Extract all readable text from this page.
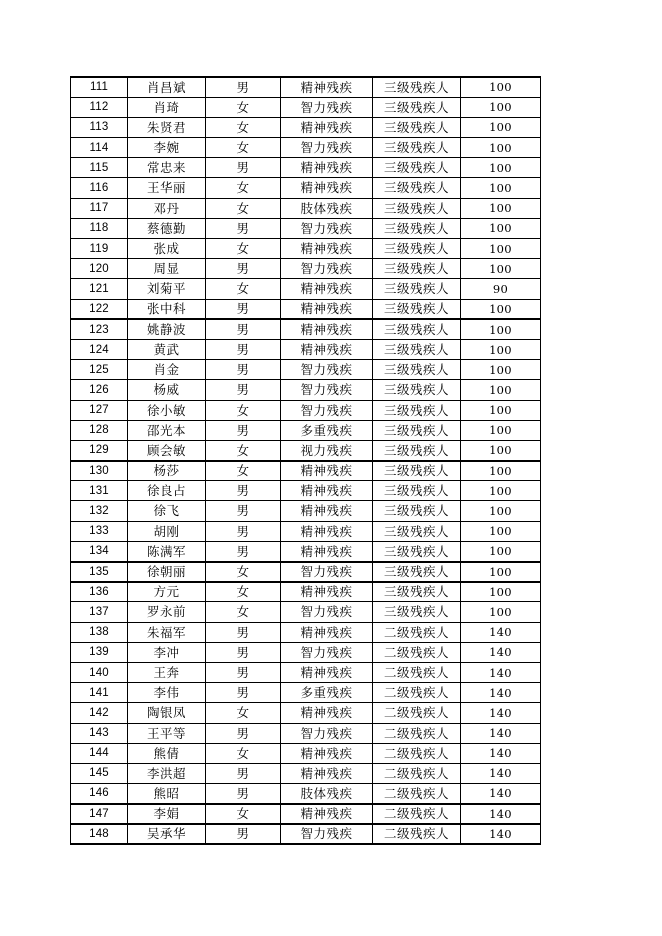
111	肖昌斌	男	精神残疾	三级残疾人	100
112	肖琦	女	智力残疾	三级残疾人	100
113	朱贤君	女	精神残疾	三级残疾人	100
114	李婉	女	智力残疾	三级残疾人	100
115	常忠来	男	精神残疾	三级残疾人	100
116	王华丽	女	精神残疾	三级残疾人	100
117	邓丹	女	肢体残疾	三级残疾人	100
118	蔡德勤	男	智力残疾	三级残疾人	100
119	张成	女	精神残疾	三级残疾人	100
120	周显	男	智力残疾	三级残疾人	100
121	刘菊平	女	精神残疾	三级残疾人	90
122	张中科	男	精神残疾	三级残疾人	100
123	姚静波	男	精神残疾	三级残疾人	100
124	黄武	男	精神残疾	三级残疾人	100
125	肖金	男	智力残疾	三级残疾人	100
126	杨威	男	智力残疾	三级残疾人	100
127	徐小敏	女	智力残疾	三级残疾人	100
128	邵光本	男	多重残疾	三级残疾人	100
129	顾会敏	女	视力残疾	三级残疾人	100
130	杨莎	女	精神残疾	三级残疾人	100
131	徐良占	男	精神残疾	三级残疾人	100
132	徐飞	男	精神残疾	三级残疾人	100
133	胡刚	男	精神残疾	三级残疾人	100
134	陈满军	男	精神残疾	三级残疾人	100
135	徐朝丽	女	智力残疾	三级残疾人	100
136	方元	女	精神残疾	三级残疾人	100
137	罗永前	女	智力残疾	三级残疾人	100
138	朱福军	男	精神残疾	二级残疾人	140
139	李冲	男	智力残疾	二级残疾人	140
140	王奔	男	精神残疾	二级残疾人	140
141	李伟	男	多重残疾	二级残疾人	140
142	陶银凤	女	精神残疾	二级残疾人	140
143	王平等	男	智力残疾	二级残疾人	140
144	熊倩	女	精神残疾	二级残疾人	140
145	李洪超	男	精神残疾	二级残疾人	140
146	熊昭	男	肢体残疾	二级残疾人	140
147	李娟	女	精神残疾	二级残疾人	140
148	吴承华	男	智力残疾	二级残疾人	140
